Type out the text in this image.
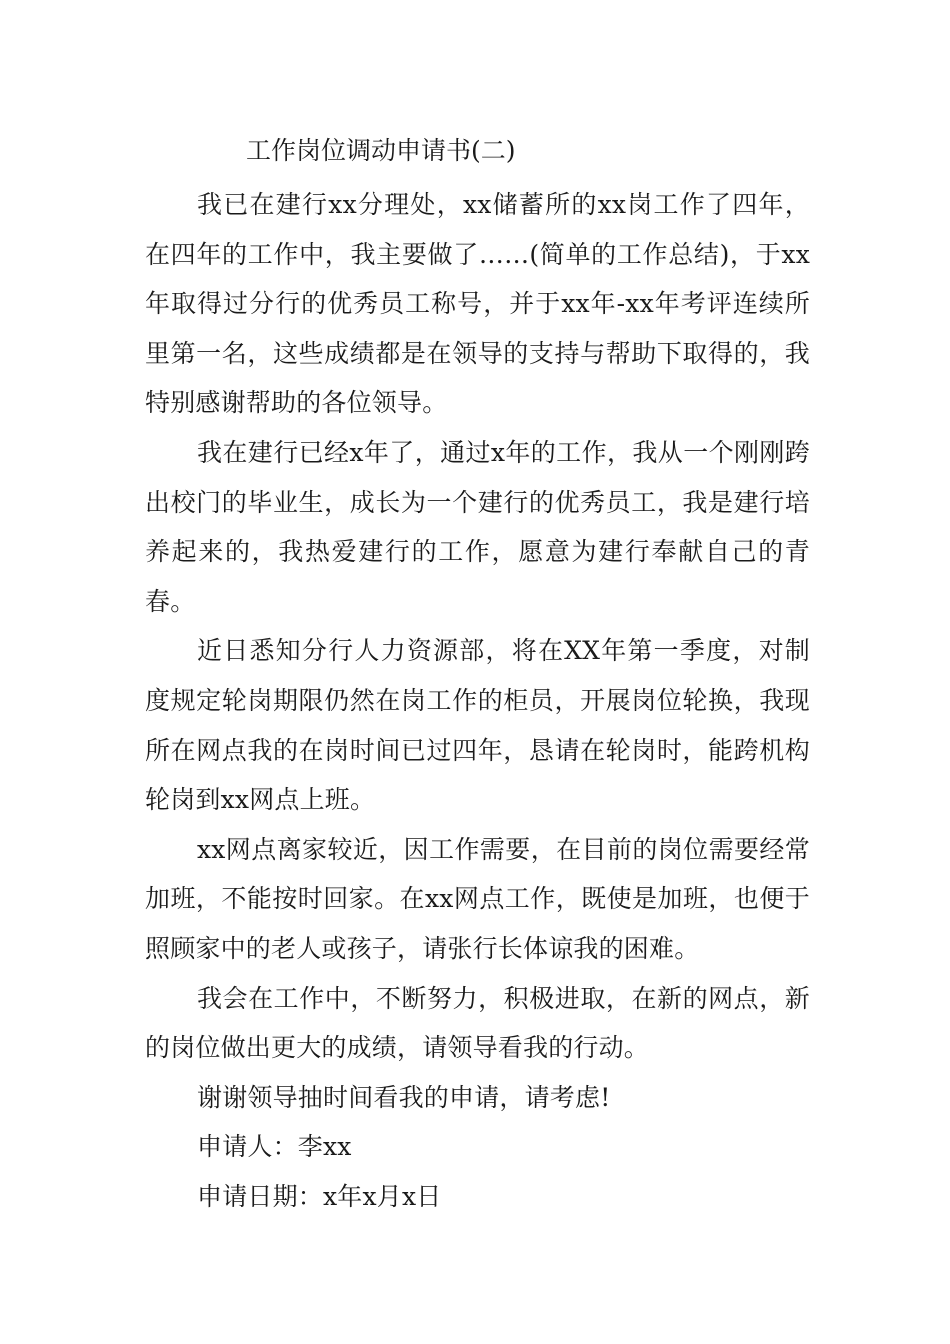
工作岗位调动申请书(二)

我已在建行xx分理处，xx储蓄所的xx岗工作了四年，在四年的工作中，我主要做了……(简单的工作总结)，于xx年取得过分行的优秀员工称号，并于xx年-xx年考评连续所里第一名，这些成绩都是在领导的支持与帮助下取得的，我特别感谢帮助的各位领导。

我在建行已经x年了，通过x年的工作，我从一个刚刚跨出校门的毕业生，成长为一个建行的优秀员工，我是建行培养起来的，我热爱建行的工作，愿意为建行奉献自己的青春。

近日悉知分行人力资源部，将在XX年第一季度，对制度规定轮岗期限仍然在岗工作的柜员，开展岗位轮换，我现所在网点我的在岗时间已过四年，恳请在轮岗时，能跨机构轮岗到xx网点上班。

xx网点离家较近，因工作需要，在目前的岗位需要经常加班，不能按时回家。在xx网点工作，既使是加班，也便于照顾家中的老人或孩子，请张行长体谅我的困难。

我会在工作中，不断努力，积极进取，在新的网点，新的岗位做出更大的成绩，请领导看我的行动。

谢谢领导抽时间看我的申请，请考虑!

申请人：李xx

申请日期：x年x月x日
